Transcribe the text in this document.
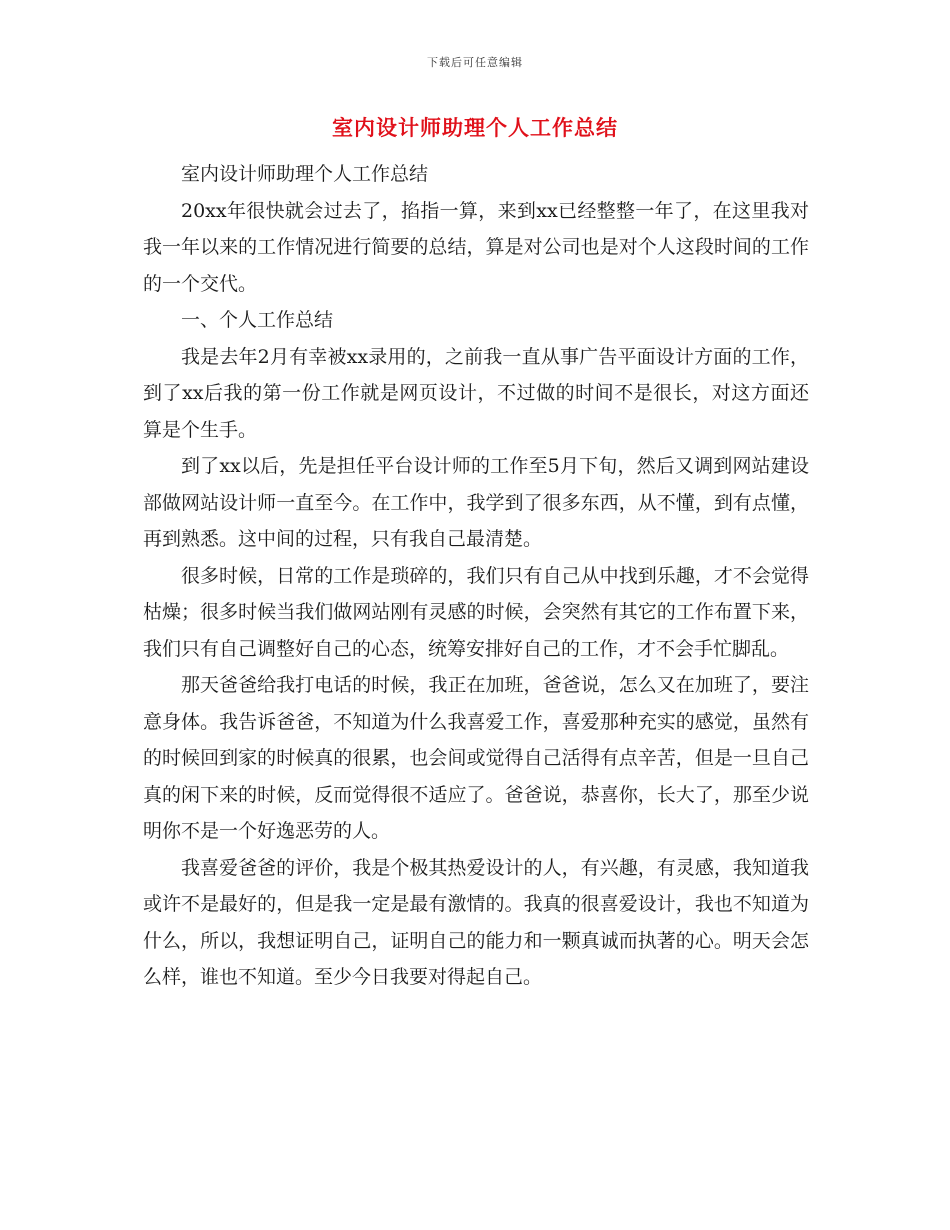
下载后可任意编辑
室内设计师助理个人工作总结

室内设计师助理个人工作总结

20xx年很快就会过去了，掐指一算，来到xx已经整整一年了，在这里我对我一年以来的工作情况进行简要的总结，算是对公司也是对个人这段时间的工作的一个交代。

一、个人工作总结

我是去年2月有幸被xx录用的，之前我一直从事广告平面设计方面的工作，到了xx后我的第一份工作就是网页设计，不过做的时间不是很长，对这方面还算是个生手。

到了xx以后，先是担任平台设计师的工作至5月下旬，然后又调到网站建设部做网站设计师一直至今。在工作中，我学到了很多东西，从不懂，到有点懂，再到熟悉。这中间的过程，只有我自己最清楚。

很多时候，日常的工作是琐碎的，我们只有自己从中找到乐趣，才不会觉得枯燥；很多时候当我们做网站刚有灵感的时候，会突然有其它的工作布置下来，我们只有自己调整好自己的心态，统筹安排好自己的工作，才不会手忙脚乱。

那天爸爸给我打电话的时候，我正在加班，爸爸说，怎么又在加班了，要注意身体。我告诉爸爸，不知道为什么我喜爱工作，喜爱那种充实的感觉，虽然有的时候回到家的时候真的很累，也会间或觉得自己活得有点辛苦，但是一旦自己真的闲下来的时候，反而觉得很不适应了。爸爸说，恭喜你，长大了，那至少说明你不是一个好逸恶劳的人。

我喜爱爸爸的评价，我是个极其热爱设计的人，有兴趣，有灵感，我知道我或许不是最好的，但是我一定是最有激情的。我真的很喜爱设计，我也不知道为什么，所以，我想证明自己，证明自己的能力和一颗真诚而执著的心。明天会怎么样，谁也不知道。至少今日我要对得起自己。
